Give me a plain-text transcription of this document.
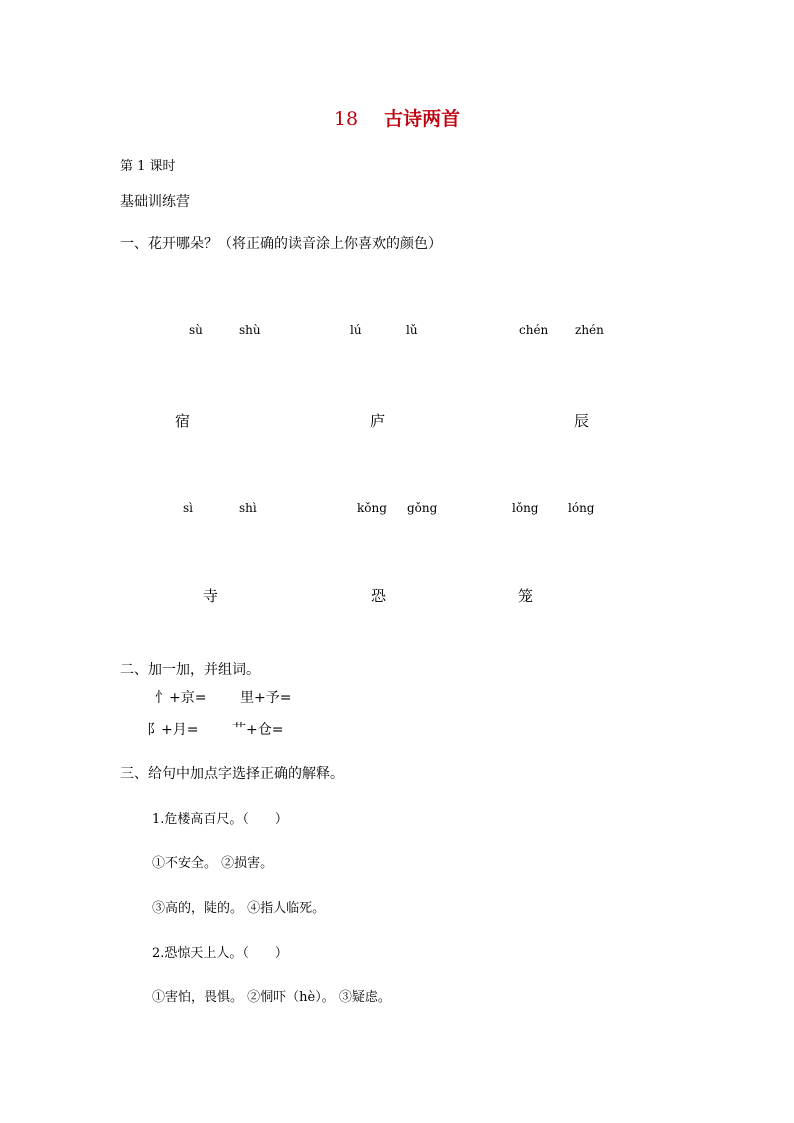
18 古诗两首
第 1 课时
基础训练营
一、花开哪朵？（将正确的读音涂上你喜欢的颜色）
sù	shù	lú	lǔ	chén zhén
宿	庐	辰
sì	shì	kǒng gǒng	lǒng lóng
寺	恐	笼
二、加一加，并组词。
忄+京= 里+予=
阝+月= 艹+仓=
三、给句中加点字选择正确的解释。
1.危楼高百尺。（　　）
①不安全。 ②损害。
③高的，陡的。 ④指人临死。
2.恐惊天上人。（　　）
①害怕，畏惧。 ②恫吓（hè）。 ③疑虑。
